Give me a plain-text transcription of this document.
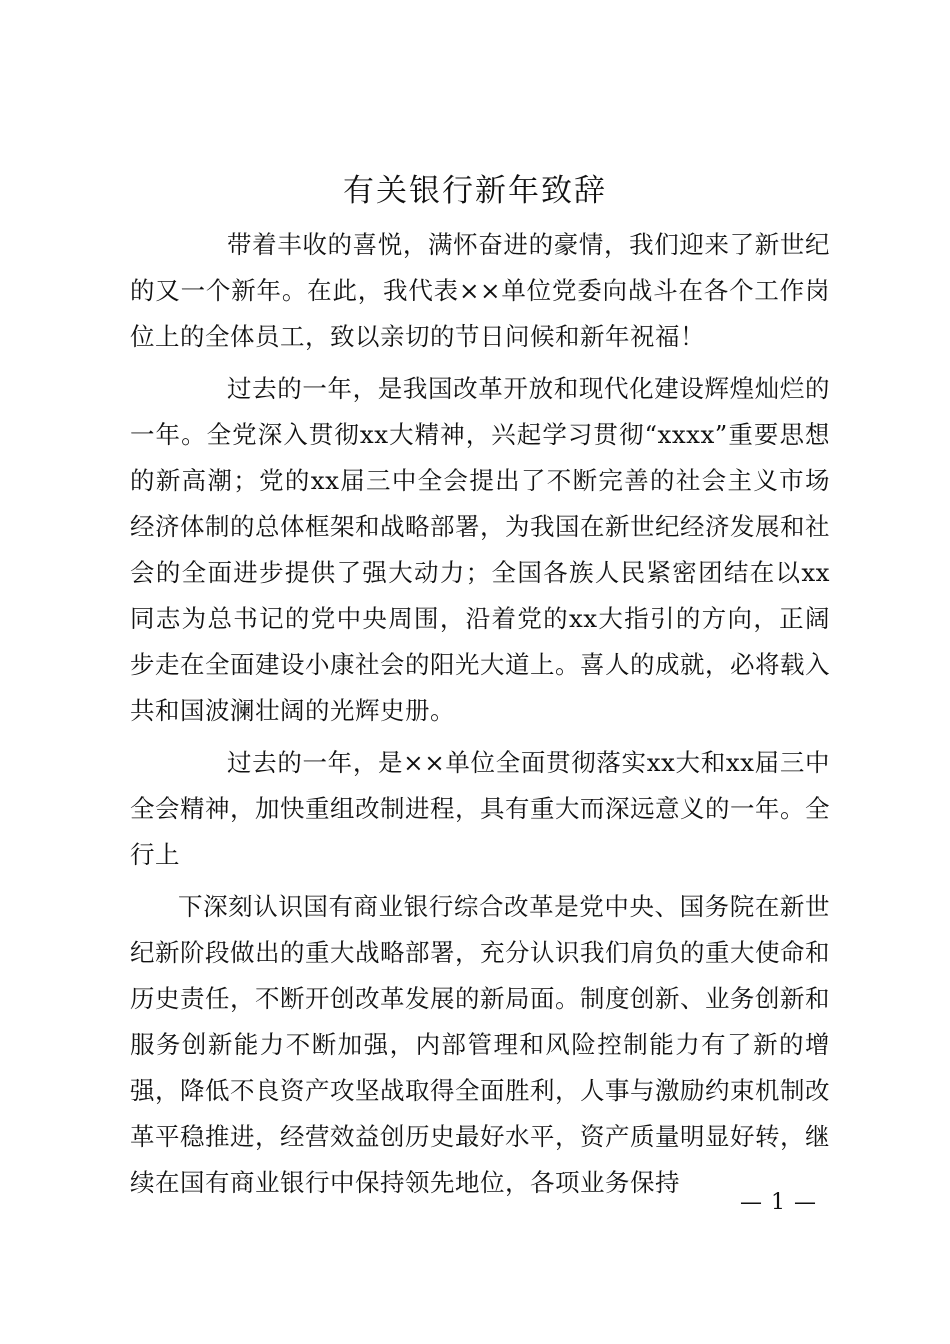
有关银行新年致辞

带着丰收的喜悦，满怀奋进的豪情，我们迎来了新世纪的又一个新年。在此，我代表××单位党委向战斗在各个工作岗位上的全体员工，致以亲切的节日问候和新年祝福！

过去的一年，是我国改革开放和现代化建设辉煌灿烂的一年。全党深入贯彻xx大精神，兴起学习贯彻“xxxx”重要思想的新高潮；党的xx届三中全会提出了不断完善的社会主义市场经济体制的总体框架和战略部署，为我国在新世纪经济发展和社会的全面进步提供了强大动力；全国各族人民紧密团结在以xx同志为总书记的党中央周围，沿着党的xx大指引的方向，正阔步走在全面建设小康社会的阳光大道上。喜人的成就，必将载入共和国波澜壮阔的光辉史册。

过去的一年，是××单位全面贯彻落实xx大和xx届三中全会精神，加快重组改制进程，具有重大而深远意义的一年。全行上

下深刻认识国有商业银行综合改革是党中央、国务院在新世纪新阶段做出的重大战略部署，充分认识我们肩负的重大使命和历史责任，不断开创改革发展的新局面。制度创新、业务创新和服务创新能力不断加强，内部管理和风险控制能力有了新的增强，降低不良资产攻坚战取得全面胜利，人事与激励约束机制改革平稳推进，经营效益创历史最好水平，资产质量明显好转，继续在国有商业银行中保持领先地位，各项业务保持

— 1 —
